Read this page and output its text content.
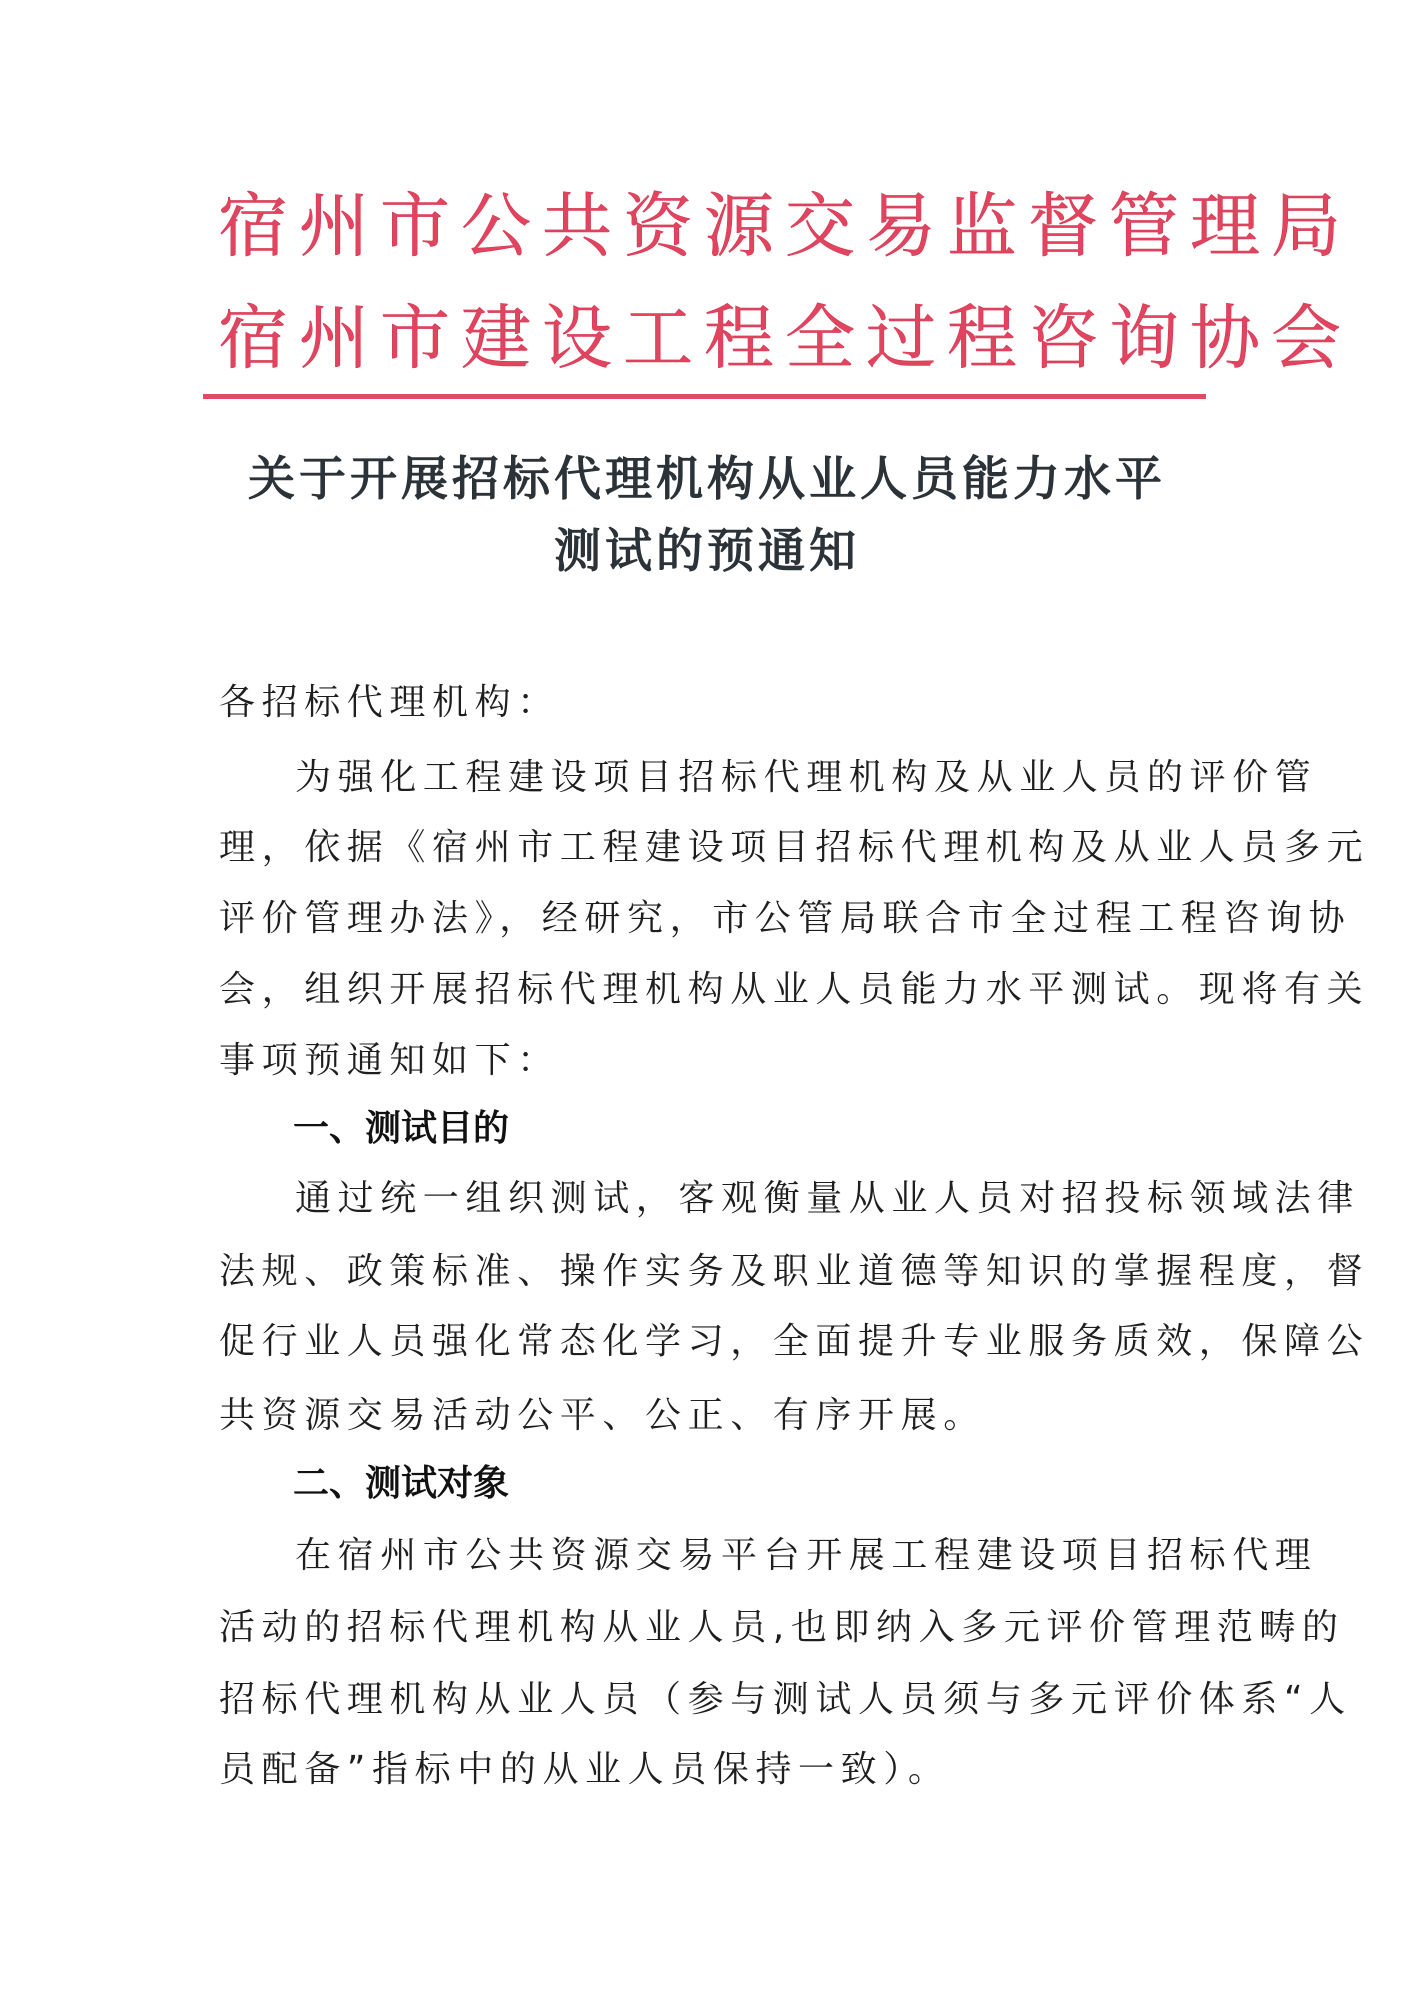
宿州市公共资源交易监督管理局
宿州市建设工程全过程咨询协会
关于开展招标代理机构从业人员能力水平
测试的预通知
各招标代理机构：
为强化工程建设项目招标代理机构及从业人员的评价管
理，依据《宿州市工程建设项目招标代理机构及从业人员多元
评价管理办法》，经研究，市公管局联合市全过程工程咨询协
会，组织开展招标代理机构从业人员能力水平测试。现将有关
事项预通知如下：
一、测试目的
通过统一组织测试，客观衡量从业人员对招投标领域法律
法规、政策标准、操作实务及职业道德等知识的掌握程度，督
促行业人员强化常态化学习，全面提升专业服务质效，保障公
共资源交易活动公平、公正、有序开展。
二、测试对象
在宿州市公共资源交易平台开展工程建设项目招标代理
活动的招标代理机构从业人员,也即纳入多元评价管理范畴的
招标代理机构从业人员（参与测试人员须与多元评价体系“人
员配备”指标中的从业人员保持一致）。
